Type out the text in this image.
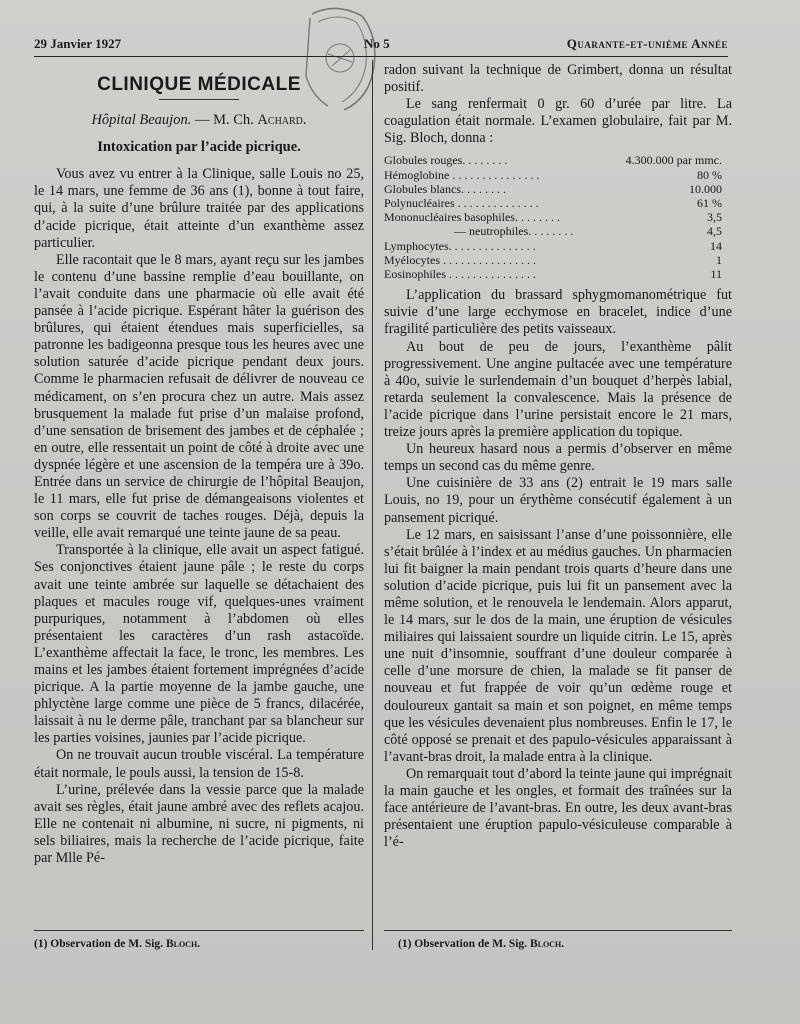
29 Janvier 1927	No 5	Quarante-et-unième Année
CLINIQUE MÉDICALE
Hôpital Beaujon. — M. Ch. Achard.
Intoxication par l’acide picrique.

Vous avez vu entrer à la Clinique, salle Louis no 25, le 14 mars, une femme de 36 ans (1), bonne à tout faire, qui, à la suite d’une brûlure traitée par des applications d’acide picrique, était atteinte d’un exanthème assez particulier.

Elle racontait que le 8 mars, ayant reçu sur les jambes le contenu d’une bassine remplie d’eau bouillante, on l’avait conduite dans une pharmacie où elle avait été pansée à l’acide picrique. Espérant hâter la guérison des brûlures, qui étaient étendues mais superficielles, sa patronne les badigeonna presque tous les heures avec une solution saturée d’acide picrique pendant deux jours. Comme le pharmacien refusait de délivrer de nouveau ce médicament, on s’en procura chez un autre. Mais assez brusquement la malade fut prise d’un malaise profond, d’une sensation de brisement des jambes et de céphalée ; en outre, elle ressentait un point de côté à droite avec une dyspnée légère et une ascension de la tempéra ure à 39o. Entrée dans un service de chirurgie de l’hôpital Beaujon, le 11 mars, elle fut prise de démangeaisons violentes et son corps se couvrit de taches rouges. Déjà, depuis la veille, elle avait remarqué une teinte jaune de sa peau.

Transportée à la clinique, elle avait un aspect fatigué. Ses conjonctives étaient jaune pâle ; le reste du corps avait une teinte ambrée sur laquelle se détachaient des plaques et macules rouge vif, quelques-unes vraiment purpuriques, notamment à l’abdomen où elles présentaient les caractères d’un rash astacoïde. L’exanthème affectait la face, le tronc, les membres. Les mains et les jambes étaient fortement imprégnées d’acide picrique. A la partie moyenne de la jambe gauche, une phlyctène large comme une pièce de 5 francs, dilacérée, laissait à nu le derme pâle, tranchant par sa blancheur sur les parties voisines, jaunies par l’acide picrique.

On ne trouvait aucun trouble viscéral. La température était normale, le pouls aussi, la tension de 15-8.

L’urine, prélevée dans la vessie parce que la malade avait ses règles, était jaune ambré avec des reflets acajou. Elle ne contenait ni albumine, ni sucre, ni pigments, ni sels biliaires, mais la recherche de l’acide picrique, faite par Mlle Pé-

radon suivant la technique de Grimbert, donna un résultat positif.

Le sang renfermait 0 gr. 60 d’urée par litre. La coagulation était normale. L’examen globulaire, fait par M. Sig. Bloch, donna :

Globules rouges. . . . . . . .	4.300.000 par mmc.
Hémoglobine . . . . . . . . . . . . . . .	80 %
Globules blancs. . . . . . . .	10.000
Polynucléaires . . . . . . . . . . . . . .	61 %
Mononucléaires basophiles. . . . . . . .	3,5
— neutrophiles. . . . . . . .	4,5
Lymphocytes. . . . . . . . . . . . . . .	14
Myélocytes . . . . . . . . . . . . . . . .	1
Eosinophiles . . . . . . . . . . . . . . .	11

L’application du brassard sphygmomanométrique fut suivie d’une large ecchymose en bracelet, indice d’une fragilité particulière des petits vaisseaux.

Au bout de peu de jours, l’exanthème pâlit progressivement. Une angine pultacée avec une température à 40o, suivie le surlendemain d’un bouquet d’herpès labial, retarda seulement la convalescence. Mais la présence de l’acide picrique dans l’urine persistait encore le 21 mars, treize jours après la première application du topique.

Un heureux hasard nous a permis d’observer en même temps un second cas du même genre.

Une cuisinière de 33 ans (2) entrait le 19 mars salle Louis, no 19, pour un érythème consécutif également à un pansement picriqué.

Le 12 mars, en saisissant l’anse d’une poissonnière, elle s’était brûlée à l’index et au médius gauches. Un pharmacien lui fit baigner la main pendant trois quarts d’heure dans une solution d’acide picrique, puis lui fit un pansement avec la même solution, et le renouvela le lendemain. Alors apparut, le 14 mars, sur le dos de la main, une éruption de vésicules miliaires qui laissaient sourdre un liquide citrin. Le 15, après une nuit d’insomnie, souffrant d’une douleur comparée à celle d’une morsure de chien, la malade se fit panser de nouveau et fut frappée de voir qu’un œdème rouge et douloureux gantait sa main et son poignet, en même temps que les vésicules devenaient plus nombreuses. Enfin le 17, le côté opposé se prenait et des papulo-vésicules apparaissant à l’avant-bras droit, la malade entra à la clinique.

On remarquait tout d’abord la teinte jaune qui imprégnait la main gauche et les ongles, et formait des traînées sur la face antérieure de l’avant-bras. En outre, les deux avant-bras présentaient une éruption papulo-vésiculeuse comparable à l’é-

(1) Observation de M. Sig. Bloch.	(1) Observation de M. Sig. Bloch.
